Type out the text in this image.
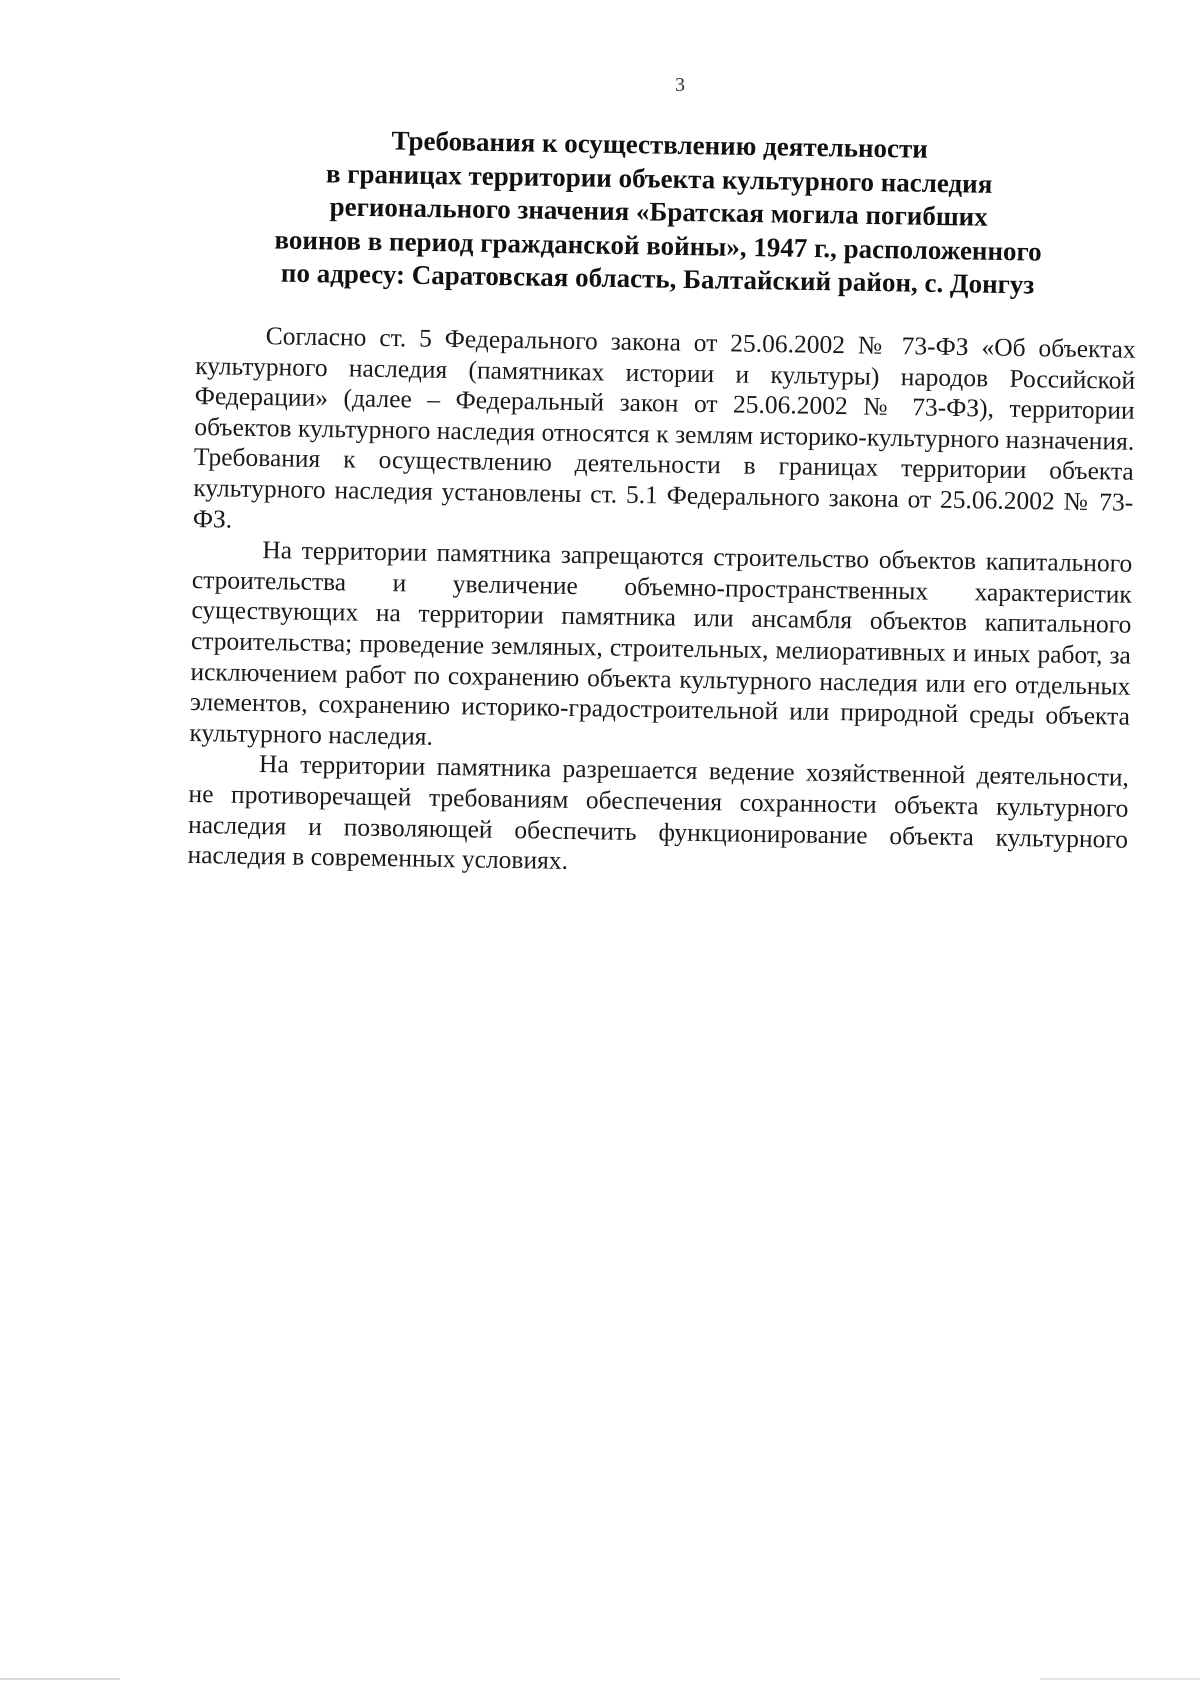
3
Требования к осуществлению деятельности
в границах территории объекта культурного наследия
регионального значения «Братская могила погибших
воинов в период гражданской войны», 1947 г., расположенного
по адресу: Саратовская область, Балтайский район, с. Донгуз

Согласно ст. 5 Федерального закона от 25.06.2002 № 73-ФЗ «Об объектах культурного наследия (памятниках истории и культуры) народов Российской Федерации» (далее – Федеральный закон от 25.06.2002 № 73-ФЗ), территории объектов культурного наследия относятся к землям историко-культурного назначения. Требования к осуществлению деятельности в границах территории объекта культурного наследия установлены ст. 5.1 Федерального закона от 25.06.2002 № 73-ФЗ.

На территории памятника запрещаются строительство объектов капитального строительства и увеличение объемно-пространственных характеристик существующих на территории памятника или ансамбля объектов капитального строительства; проведение земляных, строительных, мелиоративных и иных работ, за исключением работ по сохранению объекта культурного наследия или его отдельных элементов, сохранению историко-градостроительной или природной среды объекта культурного наследия.

На территории памятника разрешается ведение хозяйственной деятельности, не противоречащей требованиям обеспечения сохранности объекта культурного наследия и позволяющей обеспечить функционирование объекта культурного наследия в современных условиях.
